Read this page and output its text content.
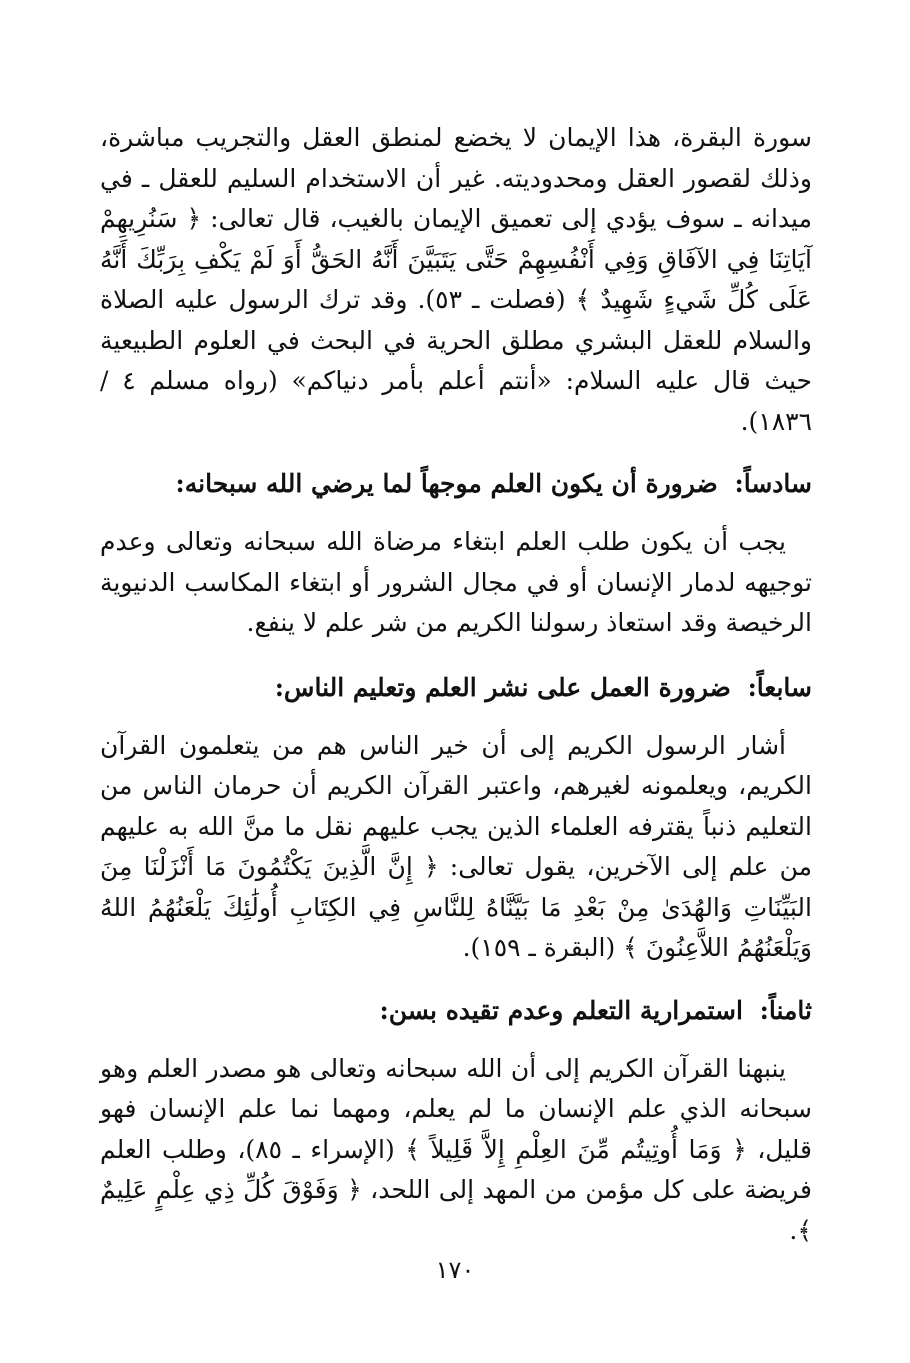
سورة البقرة، هذا الإيمان لا يخضع لمنطق العقل والتجريب مباشرة، وذلك لقصور العقل ومحدوديته. غير أن الاستخدام السليم للعقل ـ في ميدانه ـ سوف يؤدي إلى تعميق الإيمان بالغيب، قال تعالى: ﴿ سَنُرِيهِمْ آيَاتِنَا فِي الآفَاقِ وَفِي أَنْفُسِهِمْ حَتَّى يَتَبَيَّنَ أَنَّهُ الحَقُّ أَوَ لَمْ يَكْفِ بِرَبِّكَ أَنَّهُ عَلَى كُلِّ شَيءٍ شَهِيدٌ ﴾ (فصلت ـ ٥٣). وقد ترك الرسول عليه الصلاة والسلام للعقل البشري مطلق الحرية في البحث في العلوم الطبيعية حيث قال عليه السلام: «أنتم أعلم بأمر دنياكم» (رواه مسلم ٤ / ١٨٣٦).

سادساً: ضرورة أن يكون العلم موجهاً لما يرضي الله سبحانه:

يجب أن يكون طلب العلم ابتغاء مرضاة الله سبحانه وتعالى وعدم توجيهه لدمار الإنسان أو في مجال الشرور أو ابتغاء المكاسب الدنيوية الرخيصة وقد استعاذ رسولنا الكريم من شر علم لا ينفع.

سابعاً: ضرورة العمل على نشر العلم وتعليم الناس:

أشار الرسول الكريم إلى أن خير الناس هم من يتعلمون القرآن الكريم، ويعلمونه لغيرهم، واعتبر القرآن الكريم أن حرمان الناس من التعليم ذنباً يقترفه العلماء الذين يجب عليهم نقل ما منَّ الله به عليهم من علم إلى الآخرين، يقول تعالى: ﴿ إِنَّ الَّذِينَ يَكْتُمُونَ مَا أَنْزَلْنَا مِنَ البَيِّنَاتِ وَالهُدَىٰ مِنْ بَعْدِ مَا بَيَّنَّاهُ لِلنَّاسِ فِي الكِتَابِ أُولَٰئِكَ يَلْعَنُهُمُ اللهُ وَيَلْعَنُهُمُ اللاَّعِنُونَ ﴾ (البقرة ـ ١٥٩).

ثامناً: استمرارية التعلم وعدم تقيده بسن:

ينبهنا القرآن الكريم إلى أن الله سبحانه وتعالى هو مصدر العلم وهو سبحانه الذي علم الإنسان ما لم يعلم، ومهما نما علم الإنسان فهو قليل، ﴿ وَمَا أُوتِيتُم مِّنَ العِلْمِ إِلاَّ قَلِيلاً ﴾ (الإسراء ـ ٨٥)، وطلب العلم فريضة على كل مؤمن من المهد إلى اللحد، ﴿ وَفَوْقَ كُلِّ ذِي عِلْمٍ عَلِيمٌ ﴾.

١٧٠
